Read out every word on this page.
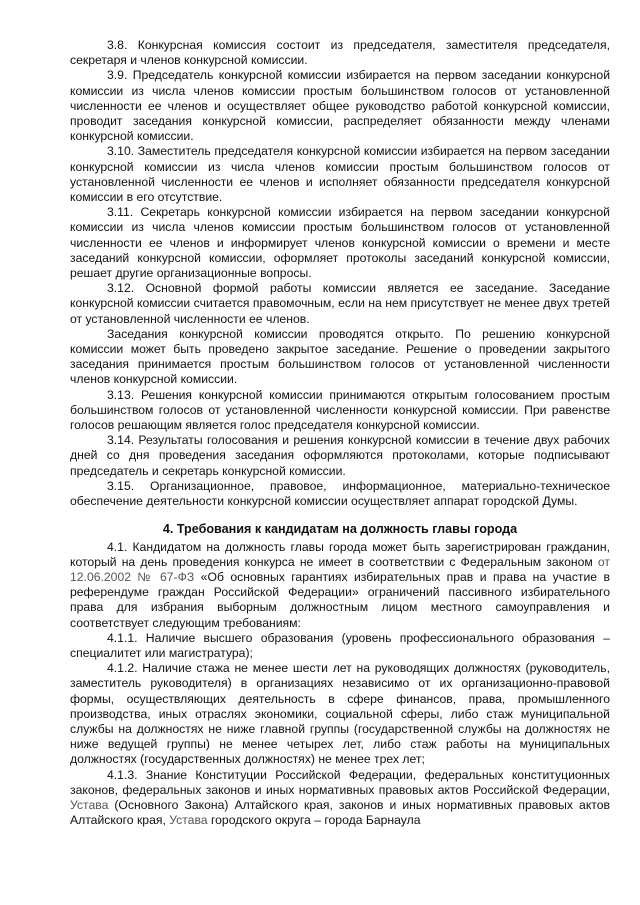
3.8. Конкурсная комиссия состоит из председателя, заместителя председателя, секретаря и членов конкурсной комиссии.

3.9. Председатель конкурсной комиссии избирается на первом заседании конкурсной комиссии из числа членов комиссии простым большинством голосов от установленной численности ее членов и осуществляет общее руководство работой конкурсной комиссии, проводит заседания конкурсной комиссии, распределяет обязанности между членами конкурсной комиссии.

3.10. Заместитель председателя конкурсной комиссии избирается на первом заседании конкурсной комиссии из числа членов комиссии простым большинством голосов от установленной численности ее членов и исполняет обязанности председателя конкурсной комиссии в его отсутствие.

3.11. Секретарь конкурсной комиссии избирается на первом заседании конкурсной комиссии из числа членов комиссии простым большинством голосов от установленной численности ее членов и информирует членов конкурсной комиссии о времени и месте заседаний конкурсной комиссии, оформляет протоколы заседаний конкурсной комиссии, решает другие организационные вопросы.

3.12. Основной формой работы комиссии является ее заседание. Заседание конкурсной комиссии считается правомочным, если на нем присутствует не менее двух третей от установленной численности ее членов.

Заседания конкурсной комиссии проводятся открыто. По решению конкурсной комиссии может быть проведено закрытое заседание. Решение о проведении закрытого заседания принимается простым большинством голосов от установленной численности членов конкурсной комиссии.

3.13. Решения конкурсной комиссии принимаются открытым голосованием простым большинством голосов от установленной численности конкурсной комиссии. При равенстве голосов решающим является голос председателя конкурсной комиссии.

3.14. Результаты голосования и решения конкурсной комиссии в течение двух рабочих дней со дня проведения заседания оформляются протоколами, которые подписывают председатель и секретарь конкурсной комиссии.

3.15. Организационное, правовое, информационное, материально-техническое обеспечение деятельности конкурсной комиссии осуществляет аппарат городской Думы.

4. Требования к кандидатам на должность главы города

4.1. Кандидатом на должность главы города может быть зарегистрирован гражданин, который на день проведения конкурса не имеет в соответствии с Федеральным законом от 12.06.2002 № 67-ФЗ «Об основных гарантиях избирательных прав и права на участие в референдуме граждан Российской Федерации» ограничений пассивного избирательного права для избрания выборным должностным лицом местного самоуправления и соответствует следующим требованиям:

4.1.1. Наличие высшего образования (уровень профессионального образования – специалитет или магистратура);

4.1.2. Наличие стажа не менее шести лет на руководящих должностях (руководитель, заместитель руководителя) в организациях независимо от их организационно-правовой формы, осуществляющих деятельность в сфере финансов, права, промышленного производства, иных отраслях экономики, социальной сферы, либо стаж муниципальной службы на должностях не ниже главной группы (государственной службы на должностях не ниже ведущей группы) не менее четырех лет, либо стаж работы на муниципальных должностях (государственных должностях) не менее трех лет;

4.1.3. Знание Конституции Российской Федерации, федеральных конституционных законов, федеральных законов и иных нормативных правовых актов Российской Федерации, Устава (Основного Закона) Алтайского края, законов и иных нормативных правовых актов Алтайского края, Устава городского округа – города Барнаула
